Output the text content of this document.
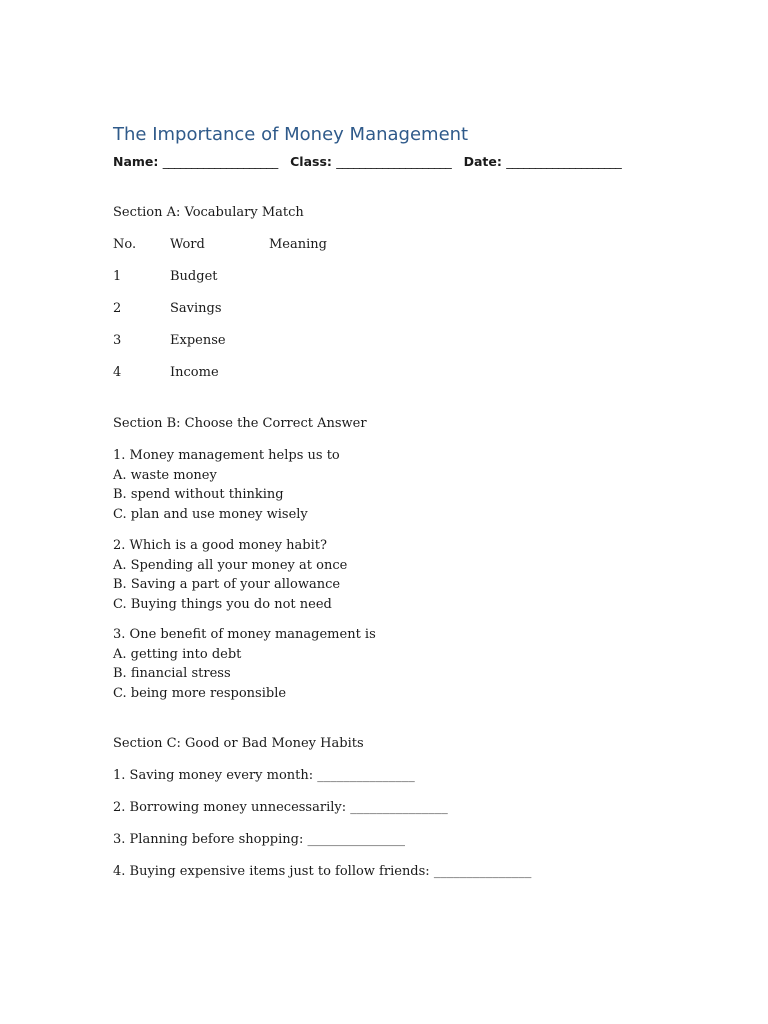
The Importance of Money Management
Name: ____________________ Class: ____________________ Date: ____________________
Section A: Vocabulary Match
No.	Word	Meaning
1	Budget
2	Savings
3	Expense
4	Income
Section B: Choose the Correct Answer
1. Money management helps us to
A. waste money
B. spend without thinking
C. plan and use money wisely
2. Which is a good money habit?
A. Spending all your money at once
B. Saving a part of your allowance
C. Buying things you do not need
3. One benefit of money management is
A. getting into debt
B. financial stress
C. being more responsible
Section C: Good or Bad Money Habits
1. Saving money every month: _______________
2. Borrowing money unnecessarily: _______________
3. Planning before shopping: _______________
4. Buying expensive items just to follow friends: _______________
